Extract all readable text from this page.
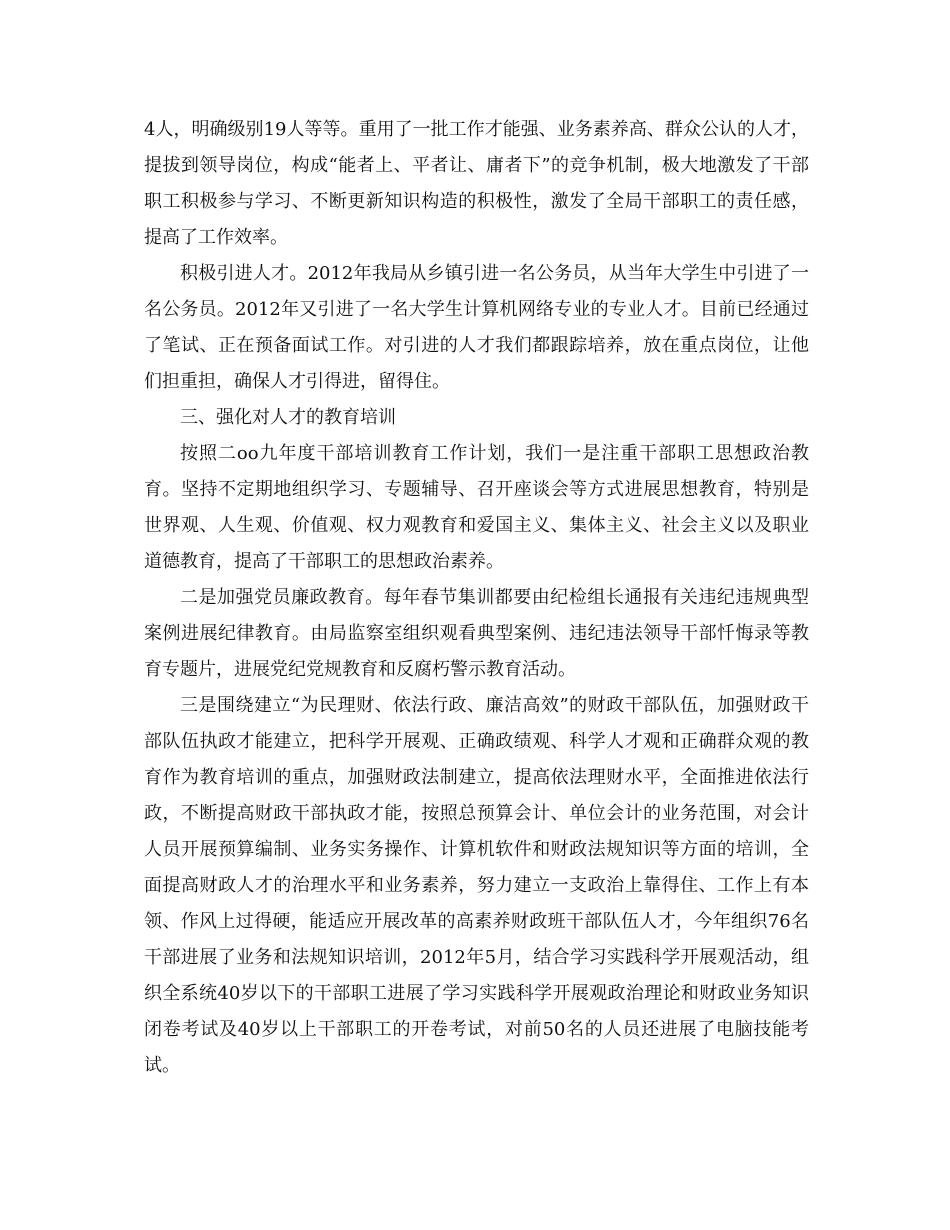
4人，明确级别19人等等。重用了一批工作才能强、业务素养高、群众公认的人才，提拔到领导岗位，构成“能者上、平者让、庸者下”的竞争机制，极大地激发了干部职工积极参与学习、不断更新知识构造的积极性，激发了全局干部职工的责任感，提高了工作效率。

积极引进人才。2012年我局从乡镇引进一名公务员，从当年大学生中引进了一名公务员。2012年又引进了一名大学生计算机网络专业的专业人才。目前已经通过了笔试、正在预备面试工作。对引进的人才我们都跟踪培养，放在重点岗位，让他们担重担，确保人才引得进，留得住。

三、强化对人才的教育培训

按照二oo九年度干部培训教育工作计划，我们一是注重干部职工思想政治教育。坚持不定期地组织学习、专题辅导、召开座谈会等方式进展思想教育，特别是世界观、人生观、价值观、权力观教育和爱国主义、集体主义、社会主义以及职业道德教育，提高了干部职工的思想政治素养。

二是加强党员廉政教育。每年春节集训都要由纪检组长通报有关违纪违规典型案例进展纪律教育。由局监察室组织观看典型案例、违纪违法领导干部忏悔录等教育专题片，进展党纪党规教育和反腐朽警示教育活动。

三是围绕建立“为民理财、依法行政、廉洁高效”的财政干部队伍，加强财政干部队伍执政才能建立，把科学开展观、正确政绩观、科学人才观和正确群众观的教育作为教育培训的重点，加强财政法制建立，提高依法理财水平，全面推进依法行政，不断提高财政干部执政才能，按照总预算会计、单位会计的业务范围，对会计人员开展预算编制、业务实务操作、计算机软件和财政法规知识等方面的培训，全面提高财政人才的治理水平和业务素养，努力建立一支政治上靠得住、工作上有本领、作风上过得硬，能适应开展改革的高素养财政班干部队伍人才，今年组织76名干部进展了业务和法规知识培训，2012年5月，结合学习实践科学开展观活动，组织全系统40岁以下的干部职工进展了学习实践科学开展观政治理论和财政业务知识闭卷考试及40岁以上干部职工的开卷考试，对前50名的人员还进展了电脑技能考试。
